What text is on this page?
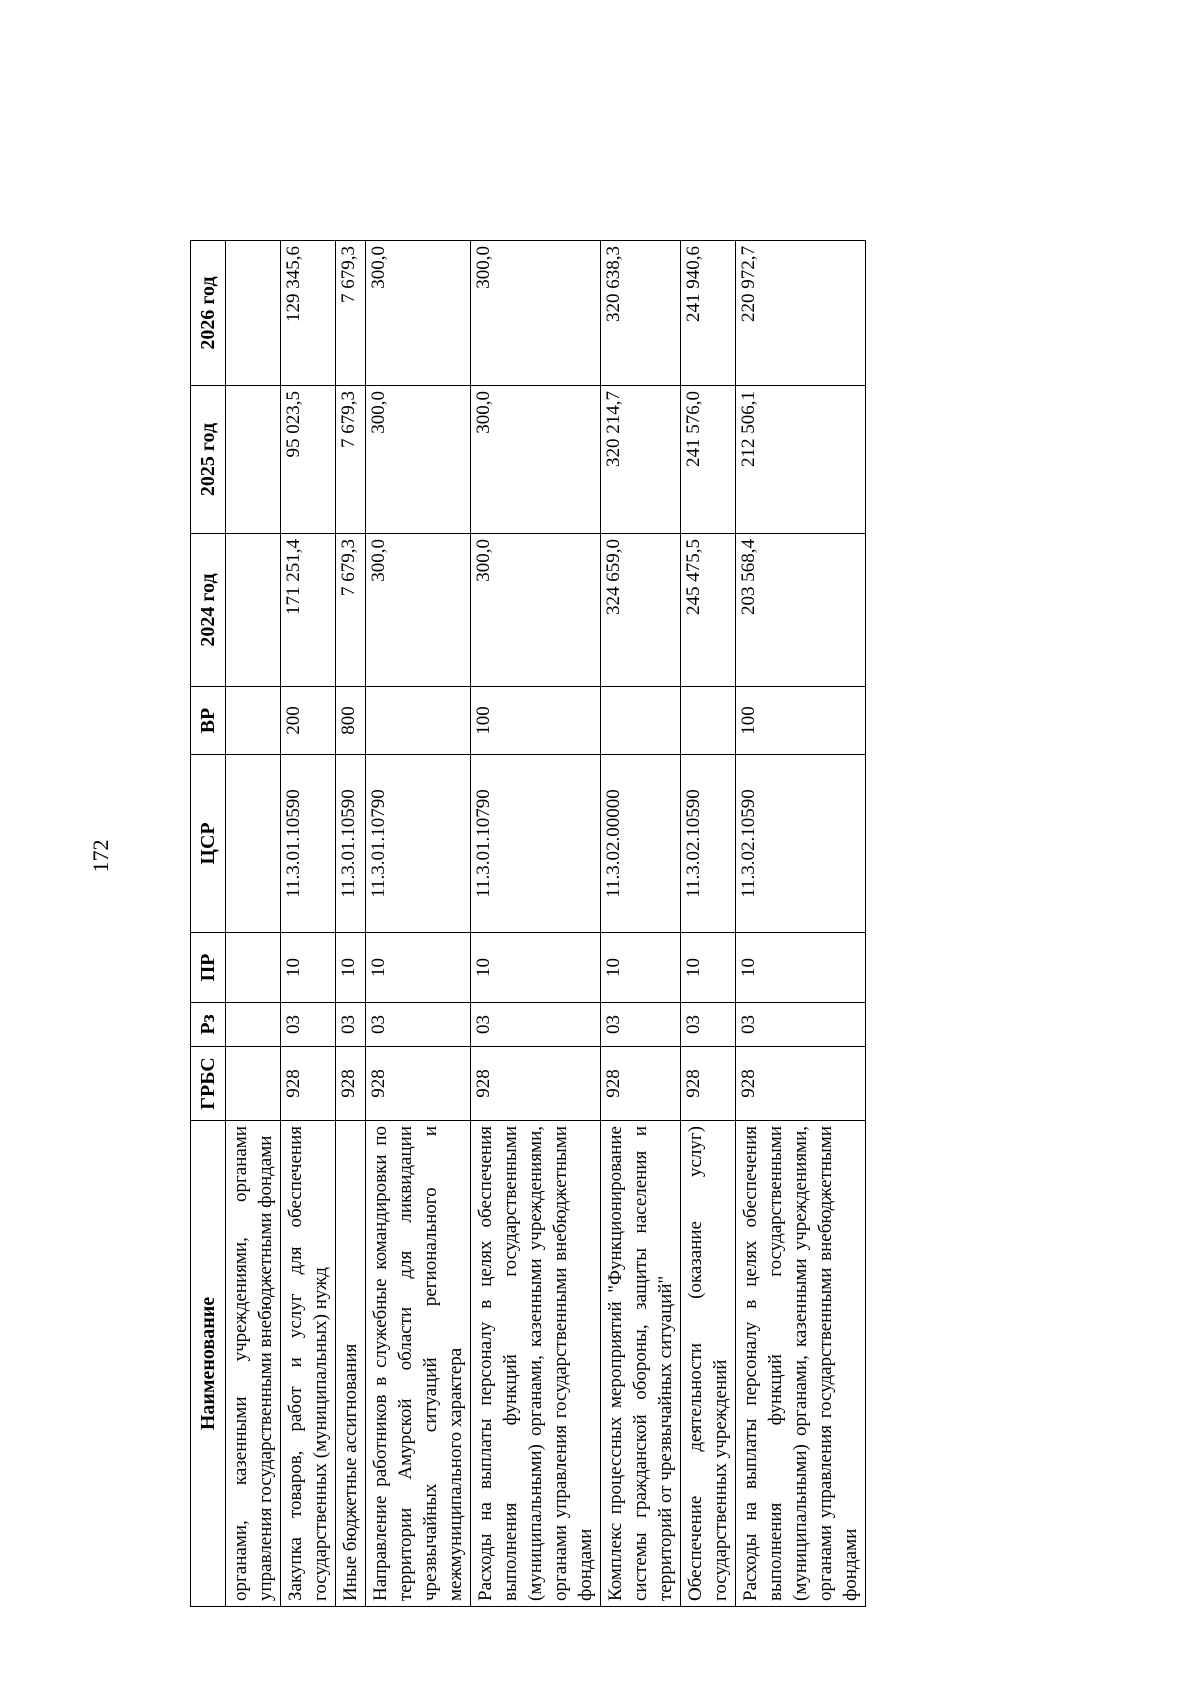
172
Наименование	ГРБС	Рз	ПР	ЦСР	ВР	2024 год	2025 год	2026 год
органами, казенными учреждениями, органами управления государственными внебюджетными фондами								
Закупка товаров, работ и услуг для обеспечения государственных (муниципальных) нужд	928	03	10	11.3.01.10590	200	171 251,4	95 023,5	129 345,6
Иные бюджетные ассигнования	928	03	10	11.3.01.10590	800	7 679,3	7 679,3	7 679,3
Направление работников в служебные командировки по территории Амурской области для ликвидации чрезвычайных ситуаций регионального и межмуниципального характера	928	03	10	11.3.01.10790		300,0	300,0	300,0
Расходы на выплаты персоналу в целях обеспечения выполнения функций государственными (муниципальными) органами, казенными учреждениями, органами управления государственными внебюджетными фондами	928	03	10	11.3.01.10790	100	300,0	300,0	300,0
Комплекс процессных мероприятий "Функционирование системы гражданской обороны, защиты населения и территорий от чрезвычайных ситуаций"	928	03	10	11.3.02.00000		324 659,0	320 214,7	320 638,3
Обеспечение деятельности (оказание услуг) государственных учреждений	928	03	10	11.3.02.10590		245 475,5	241 576,0	241 940,6
Расходы на выплаты персоналу в целях обеспечения выполнения функций государственными (муниципальными) органами, казенными учреждениями, органами управления государственными внебюджетными фондами	928	03	10	11.3.02.10590	100	203 568,4	212 506,1	220 972,7
